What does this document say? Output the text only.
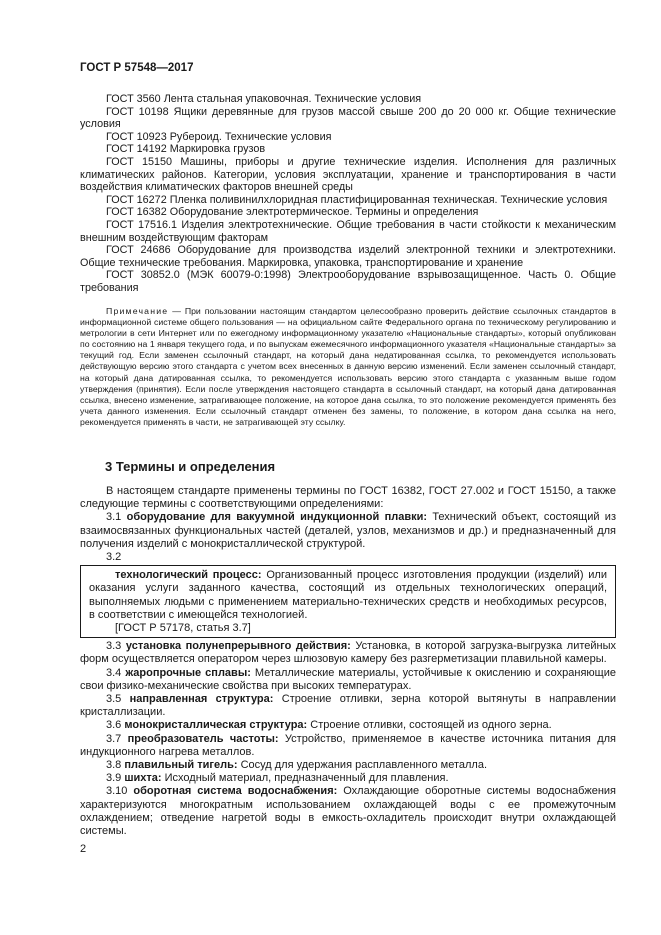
ГОСТ Р 57548—2017

ГОСТ 3560 Лента стальная упаковочная. Технические условия

ГОСТ 10198 Ящики деревянные для грузов массой свыше 200 до 20 000 кг. Общие технические условия

ГОСТ 10923 Рубероид. Технические условия

ГОСТ 14192 Маркировка грузов

ГОСТ 15150 Машины, приборы и другие технические изделия. Исполнения для различных климатических районов. Категории, условия эксплуатации, хранение и транспортирования в части воздействия климатических факторов внешней среды

ГОСТ 16272 Пленка поливинилхлоридная пластифицированная техническая. Технические условия

ГОСТ 16382 Оборудование электротермическое. Термины и определения

ГОСТ 17516.1 Изделия электротехнические. Общие требования в части стойкости к механическим внешним воздействующим факторам

ГОСТ 24686 Оборудование для производства изделий электронной техники и электротехники. Общие технические требования. Маркировка, упаковка, транспортирование и хранение

ГОСТ 30852.0 (МЭК 60079-0:1998) Электрооборудование взрывозащищенное. Часть 0. Общие требования

Примечание — При пользовании настоящим стандартом целесообразно проверить действие ссылочных стандартов в информационной системе общего пользования — на официальном сайте Федерального органа по техническому регулированию и метрологии в сети Интернет или по ежегодному информационному указателю «Национальные стандарты», который опубликован по состоянию на 1 января текущего года, и по выпускам ежемесячного информационного указателя «Национальные стандарты» за текущий год. Если заменен ссылочный стандарт, на который дана недатированная ссылка, то рекомендуется использовать действующую версию этого стандарта с учетом всех внесенных в данную версию изменений. Если заменен ссылочный стандарт, на который дана датированная ссылка, то рекомендуется использовать версию этого стандарта с указанным выше годом утверждения (принятия). Если после утверждения настоящего стандарта в ссылочный стандарт, на который дана датированная ссылка, внесено изменение, затрагивающее положение, на которое дана ссылка, то это положение рекомендуется применять без учета данного изменения. Если ссылочный стандарт отменен без замены, то положение, в котором дана ссылка на него, рекомендуется применять в части, не затрагивающей эту ссылку.

3 Термины и определения

В настоящем стандарте применены термины по ГОСТ 16382, ГОСТ 27.002 и ГОСТ 15150, а также следующие термины с соответствующими определениями:

3.1 оборудование для вакуумной индукционной плавки: Технический объект, состоящий из взаимосвязанных функциональных частей (деталей, узлов, механизмов и др.) и предназначенный для получения изделий с монокристаллической структурой.

3.2

технологический процесс: Организованный процесс изготовления продукции (изделий) или оказания услуги заданного качества, состоящий из отдельных технологических операций, выполняемых людьми с применением материально-технических средств и необходимых ресурсов, в соответствии с имеющейся технологией.

[ГОСТ Р 57178, статья 3.7]

3.3 установка полунепрерывного действия: Установка, в которой загрузка-выгрузка литейных форм осуществляется оператором через шлюзовую камеру без разгерметизации плавильной камеры.

3.4 жаропрочные сплавы: Металлические материалы, устойчивые к окислению и сохраняющие свои физико-механические свойства при высоких температурах.

3.5 направленная структура: Строение отливки, зерна которой вытянуты в направлении кристаллизации.

3.6 монокристаллическая структура: Строение отливки, состоящей из одного зерна.

3.7 преобразователь частоты: Устройство, применяемое в качестве источника питания для индукционного нагрева металлов.

3.8 плавильный тигель: Сосуд для удержания расплавленного металла.

3.9 шихта: Исходный материал, предназначенный для плавления.

3.10 оборотная система водоснабжения: Охлаждающие оборотные системы водоснабжения характеризуются многократным использованием охлаждающей воды с ее промежуточным охлаждением; отведение нагретой воды в емкость-охладитель происходит внутри охлаждающей системы.

2
